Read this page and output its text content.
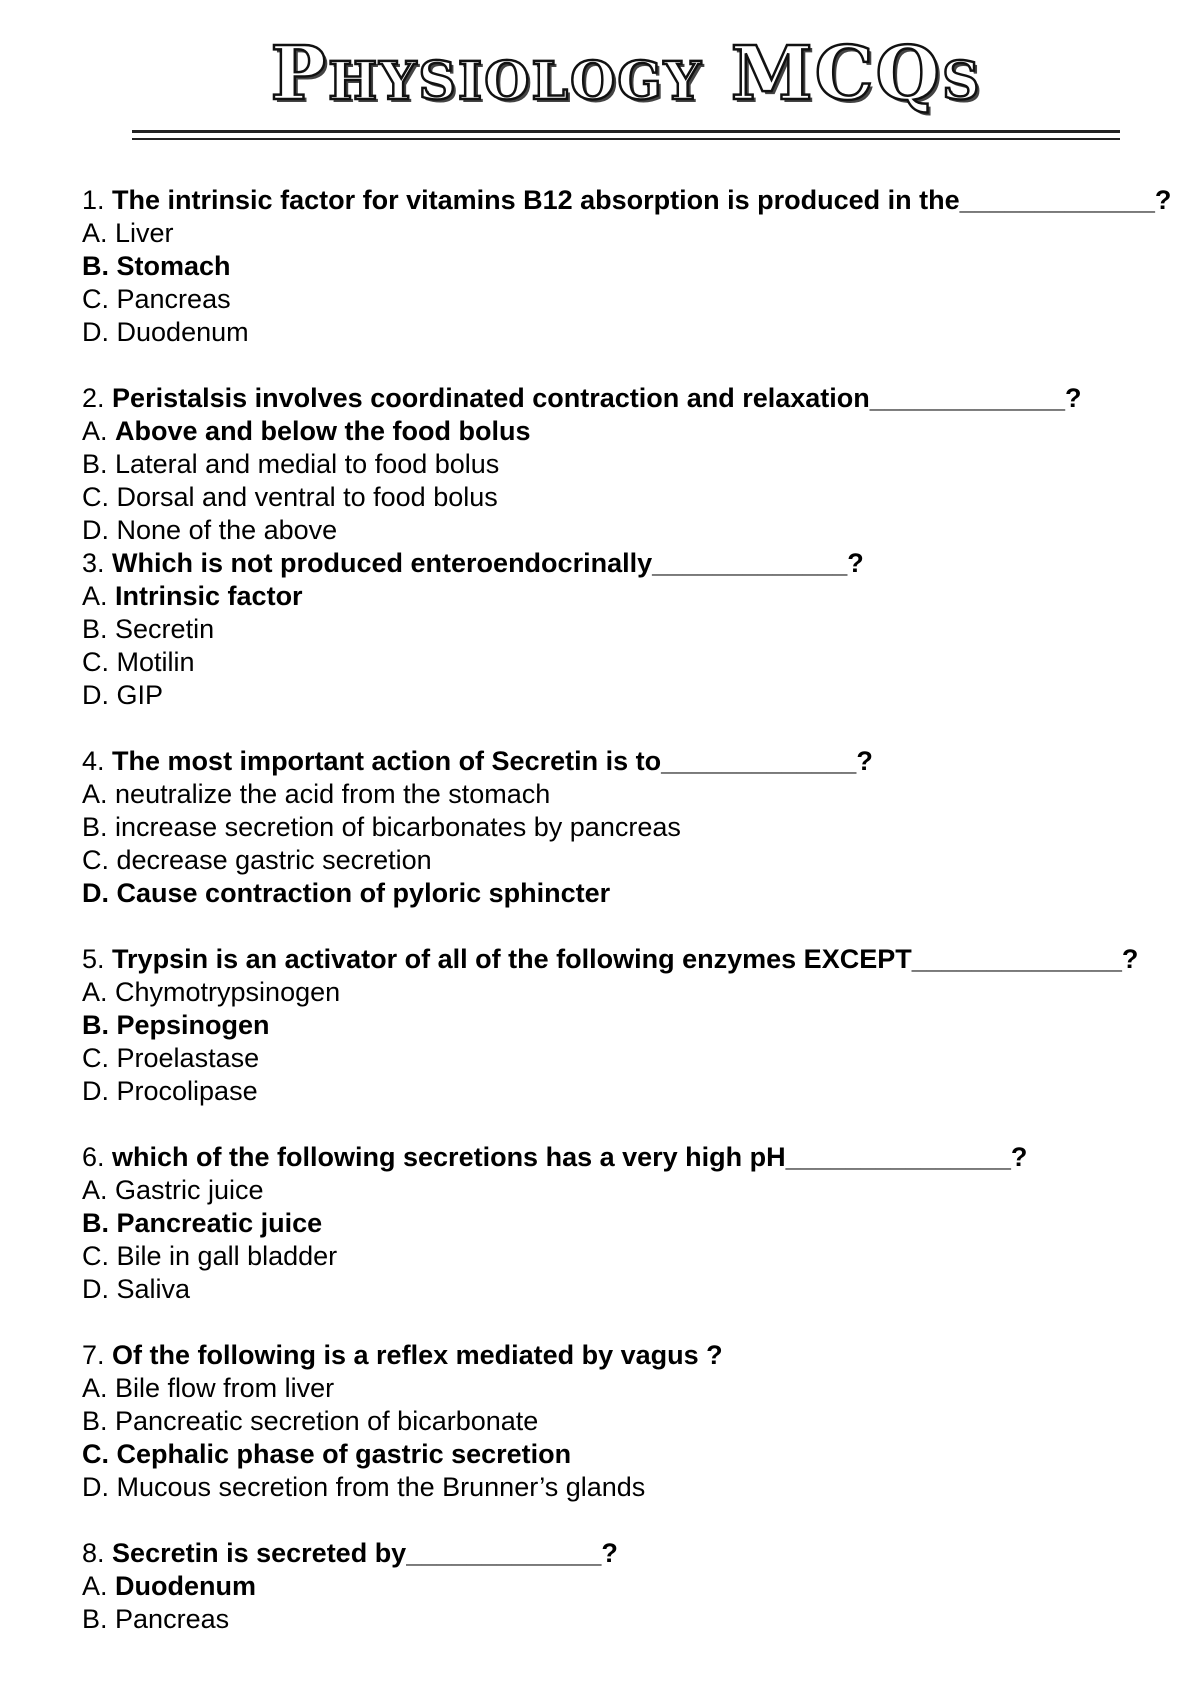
Physiology MCQs

1. The intrinsic factor for vitamins B12 absorption is produced in the_____________?

A. Liver

B. Stomach

C. Pancreas

D. Duodenum

2. Peristalsis involves coordinated contraction and relaxation_____________?

A. Above and below the food bolus

B. Lateral and medial to food bolus

C. Dorsal and ventral to food bolus

D. None of the above

3. Which is not produced enteroendocrinally_____________?

A. Intrinsic factor

B. Secretin

C. Motilin

D. GIP

4. The most important action of Secretin is to_____________?

A. neutralize the acid from the stomach

B. increase secretion of bicarbonates by pancreas

C. decrease gastric secretion

D. Cause contraction of pyloric sphincter

5. Trypsin is an activator of all of the following enzymes EXCEPT______________?

A. Chymotrypsinogen

B. Pepsinogen

C. Proelastase

D. Procolipase

6. which of the following secretions has a very high pH_______________?

A. Gastric juice

B. Pancreatic juice

C. Bile in gall bladder

D. Saliva

7. Of the following is a reflex mediated by vagus ?

A. Bile flow from liver

B. Pancreatic secretion of bicarbonate

C. Cephalic phase of gastric secretion

D. Mucous secretion from the Brunner’s glands

8. Secretin is secreted by_____________?

A. Duodenum

B. Pancreas
